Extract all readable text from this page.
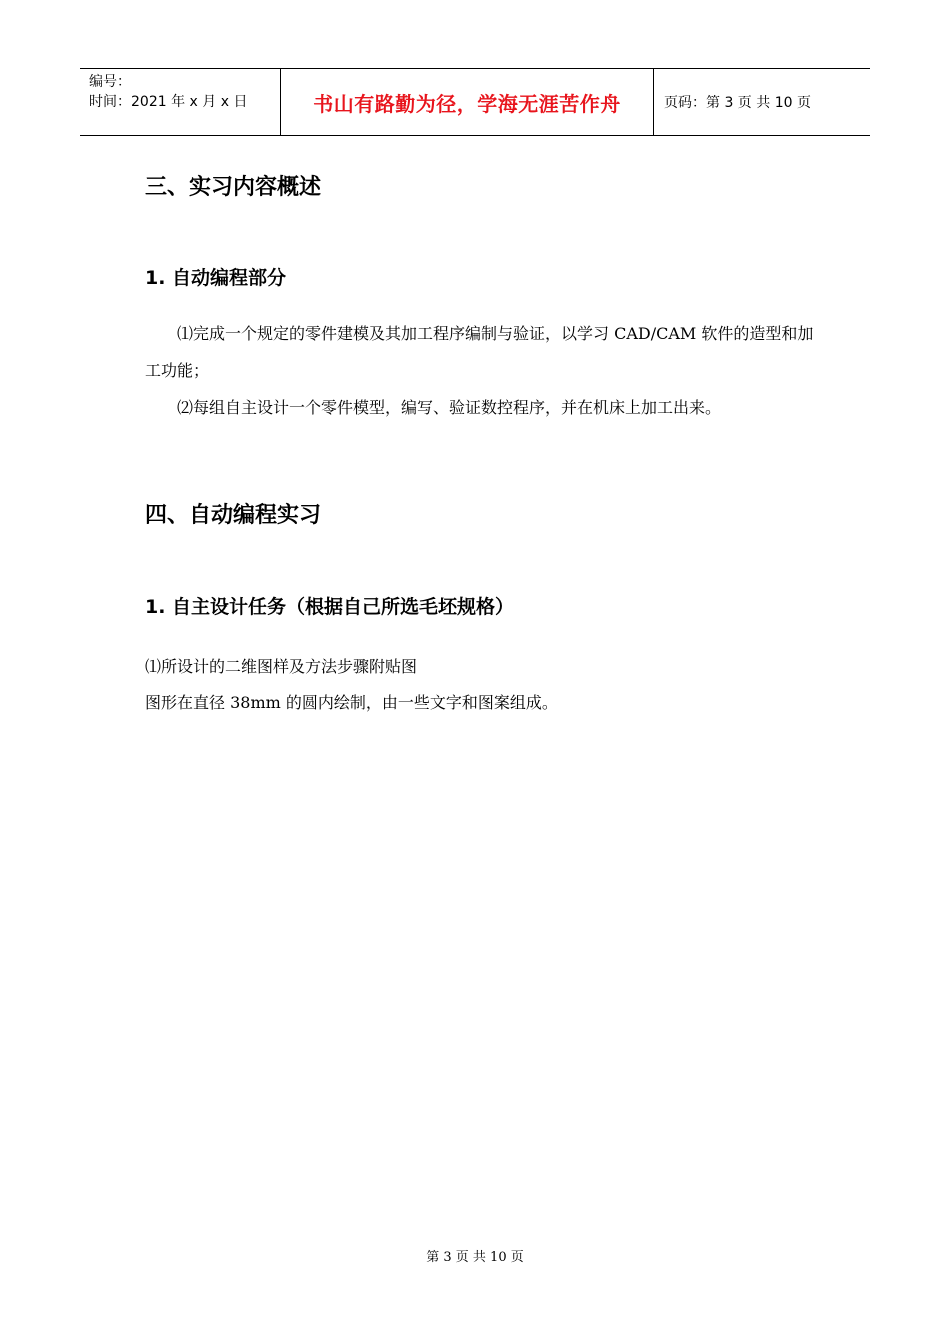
编号：
时间：2021 年 x 月 x 日	书山有路勤为径，学海无涯苦作舟	页码：第 3 页 共 10 页
三、实习内容概述
1. 自动编程部分

⑴完成一个规定的零件建模及其加工程序编制与验证，以学习 CAD/CAM 软件的造型和加工功能；

⑵每组自主设计一个零件模型，编写、验证数控程序，并在机床上加工出来。

四、自动编程实习
1. 自主设计任务（根据自己所选毛坯规格）
⑴所设计的二维图样及方法步骤附贴图
图形在直径 38mm 的圆内绘制，由一些文字和图案组成。
第 3 页 共 10 页
